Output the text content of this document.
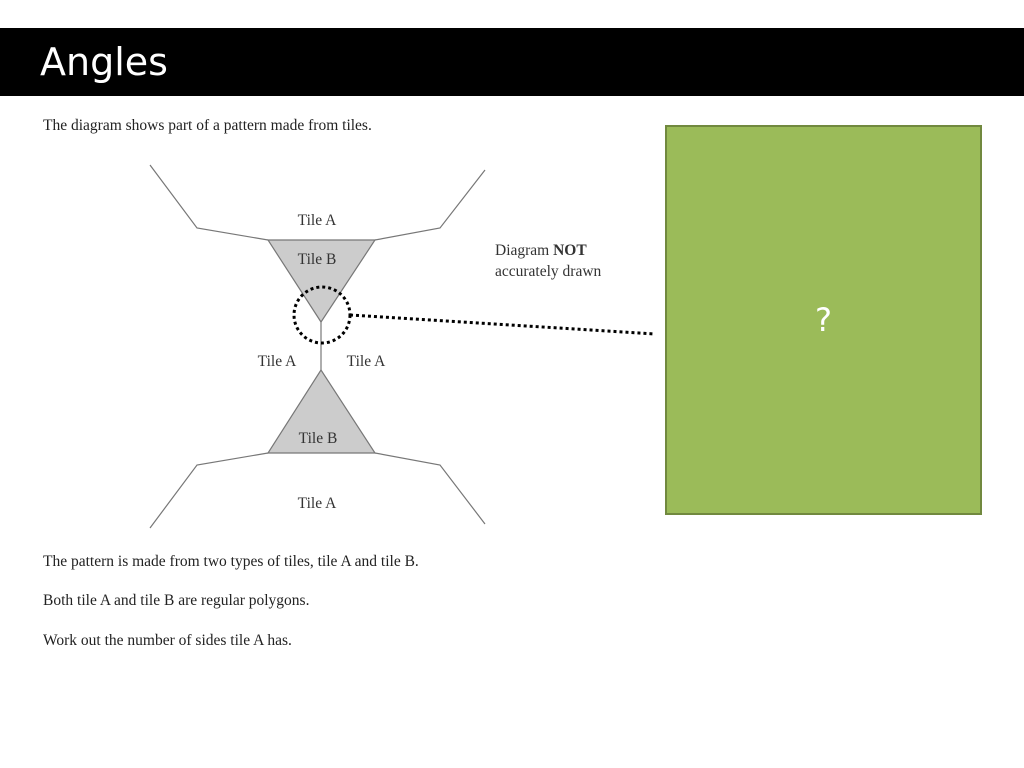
Angles
The diagram shows part of a pattern made from tiles.
Tile A
Tile B
Tile A	Tile A
Tile B
Tile A
Diagram NOT
accurately drawn
?
The pattern is made from two types of tiles, tile A and tile B.
Both tile A and tile B are regular polygons.
Work out the number of sides tile A has.
